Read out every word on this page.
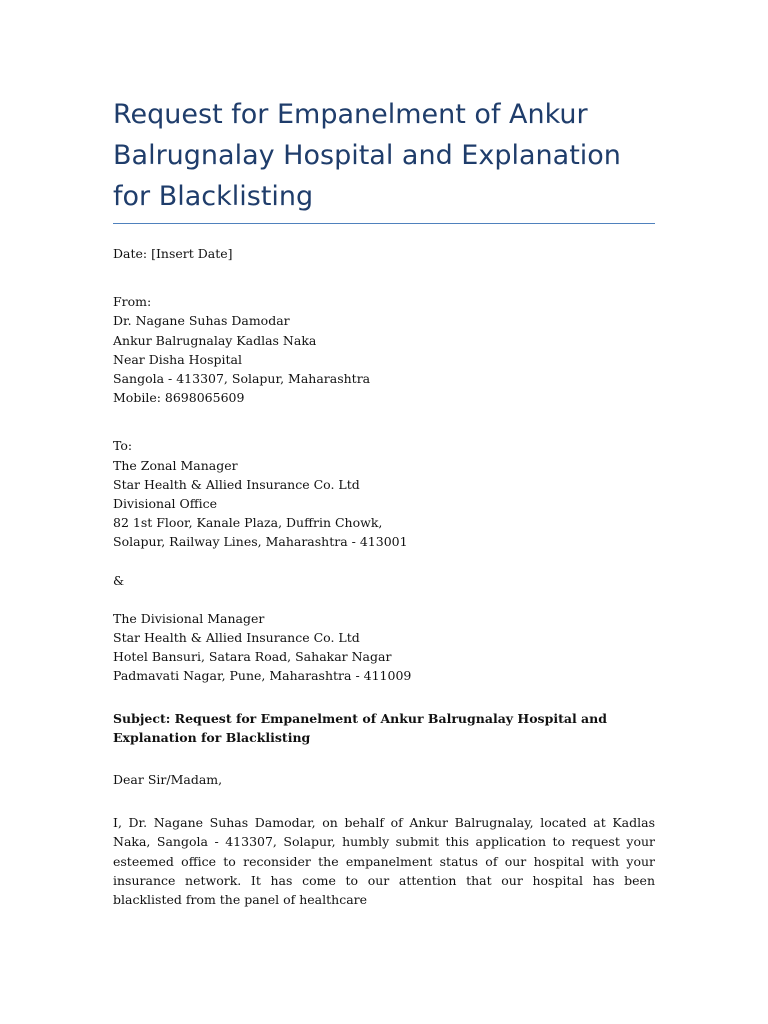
Request for Empanelment of Ankur Balrugnalay Hospital and Explanation for Blacklisting

Date: [Insert Date]

From:
Dr. Nagane Suhas Damodar
Ankur Balrugnalay Kadlas Naka
Near Disha Hospital
Sangola - 413307, Solapur, Maharashtra
Mobile: 8698065609
To:
The Zonal Manager
Star Health & Allied Insurance Co. Ltd
Divisional Office
82 1st Floor, Kanale Plaza, Duffrin Chowk,
Solapur, Railway Lines, Maharashtra - 413001

&

The Divisional Manager
Star Health & Allied Insurance Co. Ltd
Hotel Bansuri, Satara Road, Sahakar Nagar
Padmavati Nagar, Pune, Maharashtra - 411009

Subject: Request for Empanelment of Ankur Balrugnalay Hospital and Explanation for Blacklisting

Dear Sir/Madam,

I, Dr. Nagane Suhas Damodar, on behalf of Ankur Balrugnalay, located at Kadlas Naka, Sangola - 413307, Solapur, humbly submit this application to request your esteemed office to reconsider the empanelment status of our hospital with your insurance network. It has come to our attention that our hospital has been blacklisted from the panel of healthcare
